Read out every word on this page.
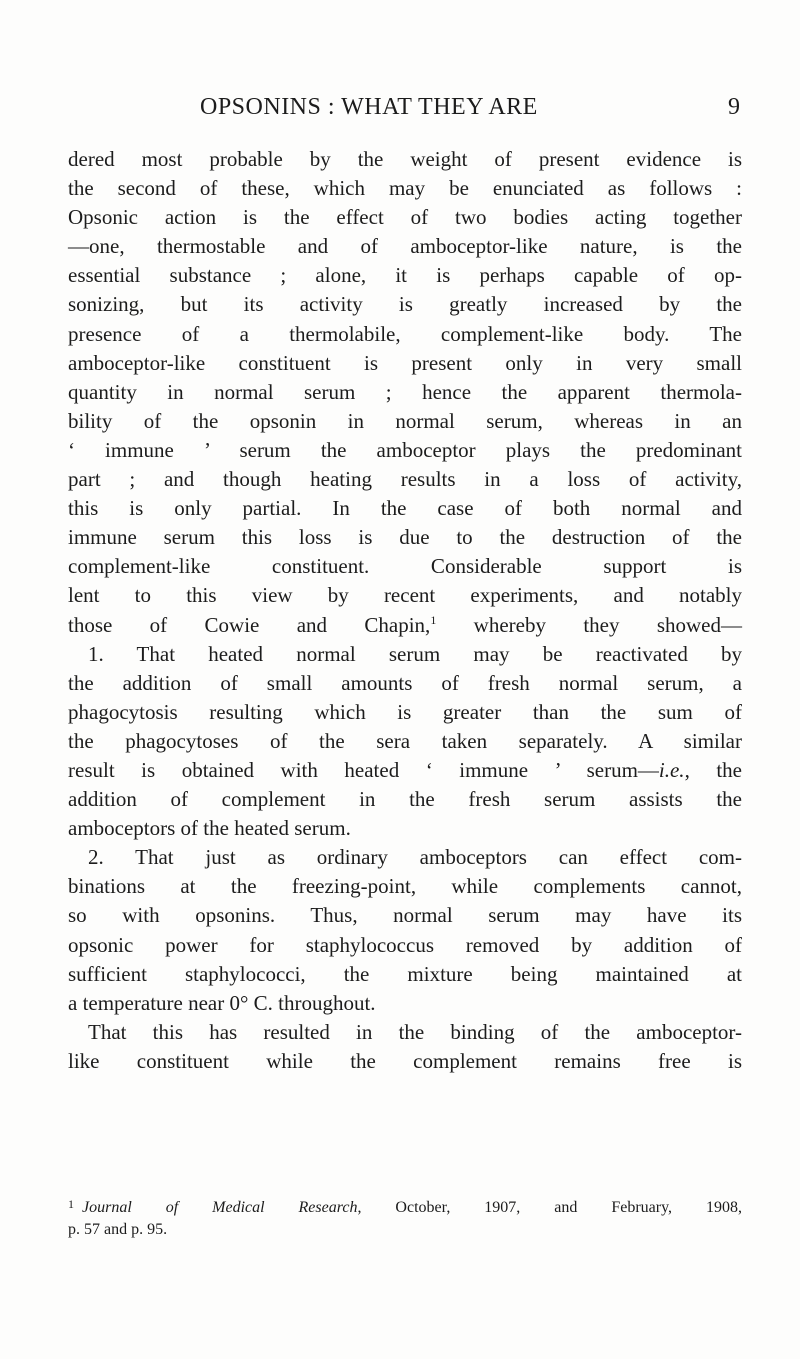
OPSONINS : WHAT THEY ARE	9
dered most probable by the weight of present evidence is
the second of these, which may be enunciated as follows :
Opsonic action is the effect of two bodies acting together
—one, thermostable and of amboceptor-like nature, is the
essential substance ; alone, it is perhaps capable of op-
sonizing, but its activity is greatly increased by the
presence of a thermolabile, complement-like body. The
amboceptor-like constituent is present only in very small
quantity in normal serum ; hence the apparent thermola-
bility of the opsonin in normal serum, whereas in an
‘ immune ’ serum the amboceptor plays the predominant
part ; and though heating results in a loss of activity,
this is only partial. In the case of both normal and
immune serum this loss is due to the destruction of the
complement-like constituent. Considerable support is
lent to this view by recent experiments, and notably
those of Cowie and Chapin,$^1$ whereby they showed—
1. That heated normal serum may be reactivated by
the addition of small amounts of fresh normal serum, a
phagocytosis resulting which is greater than the sum of
the phagocytoses of the sera taken separately. A similar
result is obtained with heated ‘ immune ’ serum—i.e., the
addition of complement in the fresh serum assists the
amboceptors of the heated serum.
2. That just as ordinary amboceptors can effect com-
binations at the freezing-point, while complements cannot,
so with opsonins. Thus, normal serum may have its
opsonic power for staphylococcus removed by addition of
sufficient staphylococci, the mixture being maintained at
a temperature near 0° C. throughout.
That this has resulted in the binding of the amboceptor-
like constituent while the complement remains free is
$^1$ Journal of Medical Research, October, 1907, and February, 1908,
p. 57 and p. 95.
